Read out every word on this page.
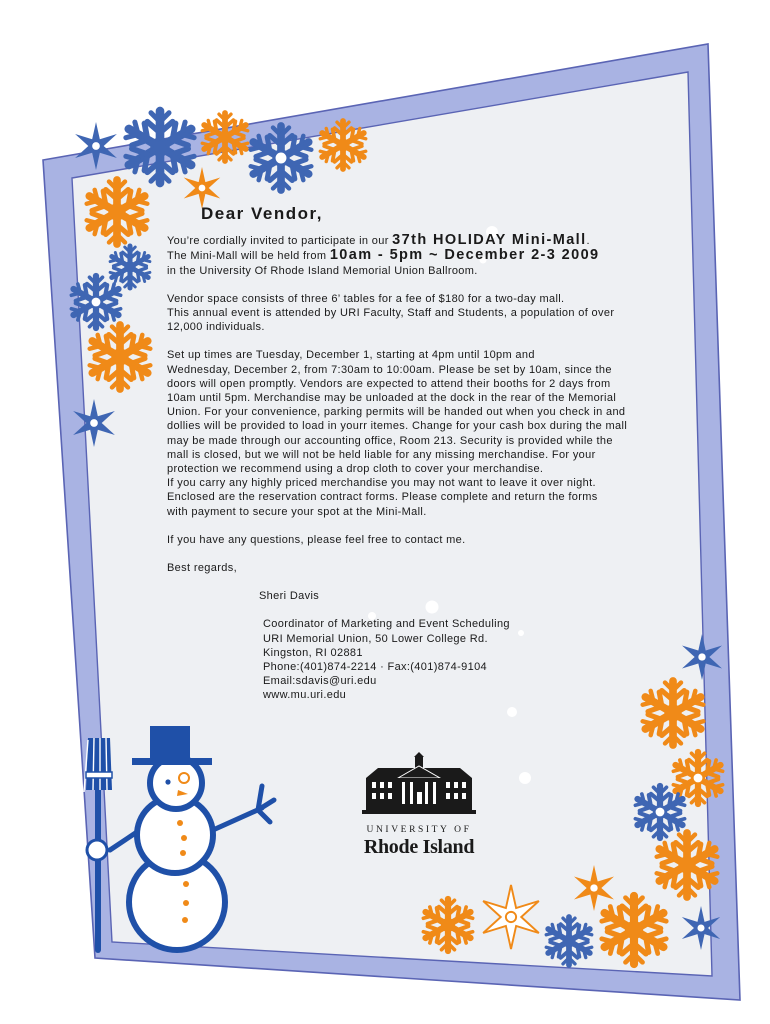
Dear Vendor,

You’re cordially invited to participate in our 37th HOLIDAY Mini-Mall.

The Mini-Mall will be held from 10am - 5pm ~ December 2-3 2009

in the University Of Rhode Island Memorial Union Ballroom.

Vendor space consists of three 6’ tables for a fee of $180 for a two-day mall.

This annual event is attended by URI Faculty, Staff and Students, a population of over

12,000 individuals.

Set up times are Tuesday, December 1, starting at 4pm until 10pm and

Wednesday, December 2, from 7:30am to 10:00am. Please be set by 10am, since the

doors will open promptly. Vendors are expected to attend their booths for 2 days from

10am until 5pm. Merchandise may be unloaded at the dock in the rear of the Memorial

Union. For your convenience, parking permits will be handed out when you check in and

dollies will be provided to load in yourr itemes. Change for your cash box during the mall

may be made through our accounting office, Room 213. Security is provided while the

mall is closed, but we will not be held liable for any missing merchandise. For your

protection we recommend using a drop cloth to cover your merchandise.

If you carry any highly priced merchandise you may not want to leave it over night.

Enclosed are the reservation contract forms. Please complete and return the forms

with payment to secure your spot at the Mini-Mall.

If you have any questions, please feel free to contact me.

Best regards,

Sheri Davis

Coordinator of Marketing and Event Scheduling

URI Memorial Union, 50 Lower College Rd.

Kingston, RI 02881

Phone:(401)874-2214 · Fax:(401)874-9104

Email:sdavis@uri.edu

www.mu.uri.edu

UNIVERSITY OF
Rhode Island
